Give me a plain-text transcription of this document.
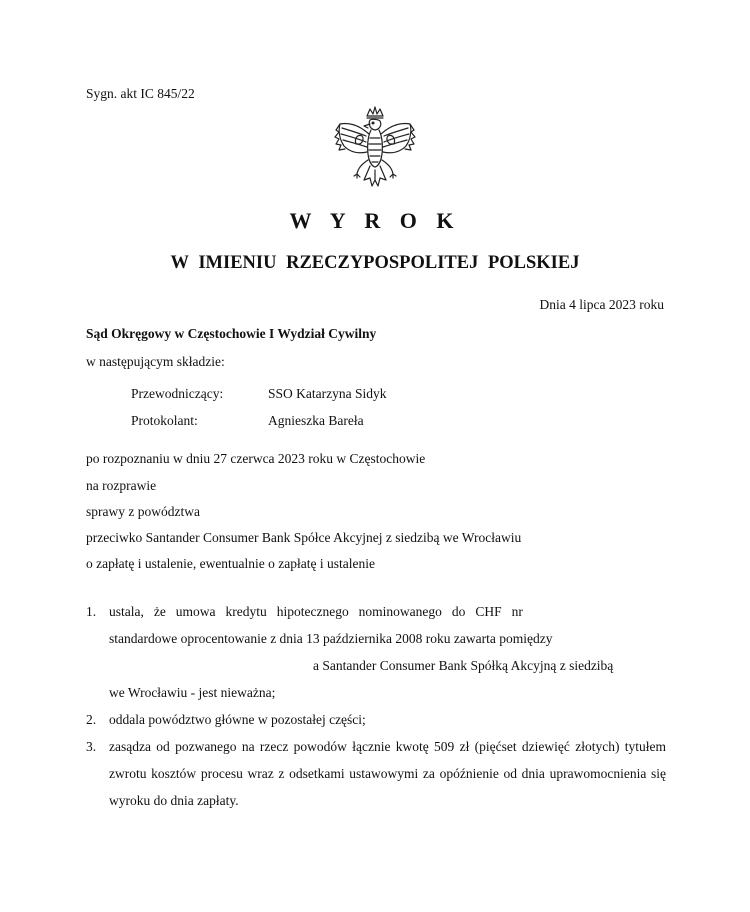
Sygn. akt IC 845/22
W Y R O K
W IMIENIU RZECZYPOSPOLITEJ POLSKIEJ
Dnia 4 lipca 2023 roku
Sąd Okręgowy w Częstochowie I Wydział Cywilny
w następującym składzie:
Przewodniczący:	SSO Katarzyna Sidyk
Protokolant:	Agnieszka Bareła
po rozpoznaniu w dniu 27 czerwca 2023 roku w Częstochowie
na rozprawie
sprawy z powództwa
przeciwko Santander Consumer Bank Spółce Akcyjnej z siedzibą we Wrocławiu
o zapłatę i ustalenie, ewentualnie o zapłatę i ustalenie
1. ustala, że umowa kredytu hipotecznego nominowanego do CHF nr
standardowe oprocentowanie z dnia 13 października 2008 roku zawarta pomiędzy
a Santander Consumer Bank Spółką Akcyjną z siedzibą
we Wrocławiu - jest nieważna;
2. oddala powództwo główne w pozostałej części;
3. zasądza od pozwanego na rzecz powodów łącznie kwotę 509 zł (pięćset dziewięć złotych) tytułem zwrotu kosztów procesu wraz z odsetkami ustawowymi za opóźnienie od dnia uprawomocnienia się wyroku do dnia zapłaty.
